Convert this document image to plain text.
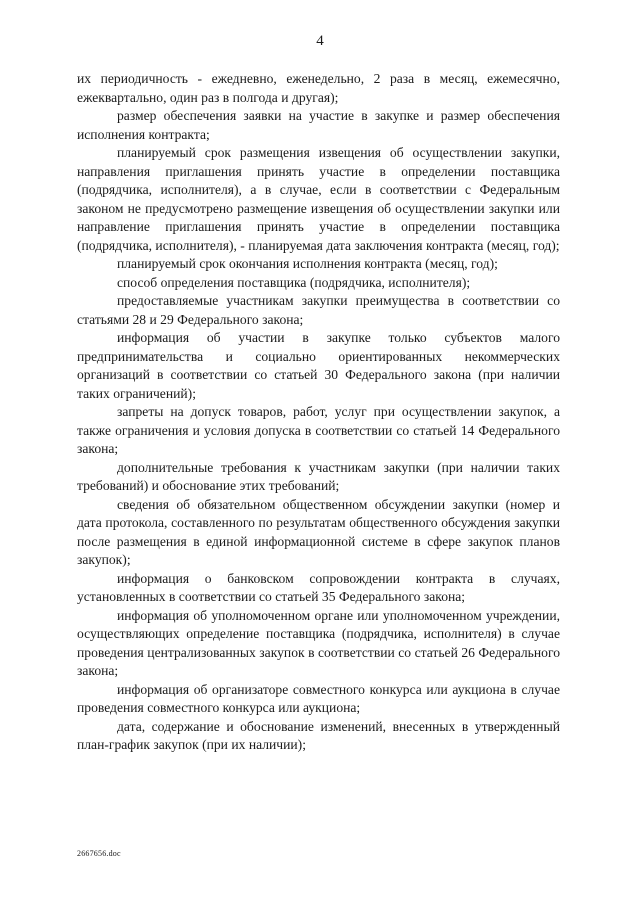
4

их периодичность - ежедневно, еженедельно, 2 раза в месяц, ежемесячно, ежеквартально, один раз в полгода и другая);

размер обеспечения заявки на участие в закупке и размер обеспечения исполнения контракта;

планируемый срок размещения извещения об осуществлении закупки, направления приглашения принять участие в определении поставщика (подрядчика, исполнителя), а в случае, если в соответствии с Федеральным законом не предусмотрено размещение извещения об осуществлении закупки или направление приглашения принять участие в определении поставщика (подрядчика, исполнителя), - планируемая дата заключения контракта (месяц, год);

планируемый срок окончания исполнения контракта (месяц, год);

способ определения поставщика (подрядчика, исполнителя);

предоставляемые участникам закупки преимущества в соответствии со статьями 28 и 29 Федерального закона;

информация об участии в закупке только субъектов малого предпринимательства и социально ориентированных некоммерческих организаций в соответствии со статьей 30 Федерального закона (при наличии таких ограничений);

запреты на допуск товаров, работ, услуг при осуществлении закупок, а также ограничения и условия допуска в соответствии со статьей 14 Федерального закона;

дополнительные требования к участникам закупки (при наличии таких требований) и обоснование этих требований;

сведения об обязательном общественном обсуждении закупки (номер и дата протокола, составленного по результатам общественного обсуждения закупки после размещения в единой информационной системе в сфере закупок планов закупок);

информация о банковском сопровождении контракта в случаях, установленных в соответствии со статьей 35 Федерального закона;

информация об уполномоченном органе или уполномоченном учреждении, осуществляющих определение поставщика (подрядчика, исполнителя) в случае проведения централизованных закупок в соответствии со статьей 26 Федерального закона;

информация об организаторе совместного конкурса или аукциона в случае проведения совместного конкурса или аукциона;

дата, содержание и обоснование изменений, внесенных в утвержденный план-график закупок (при их наличии);

2667656.doc
